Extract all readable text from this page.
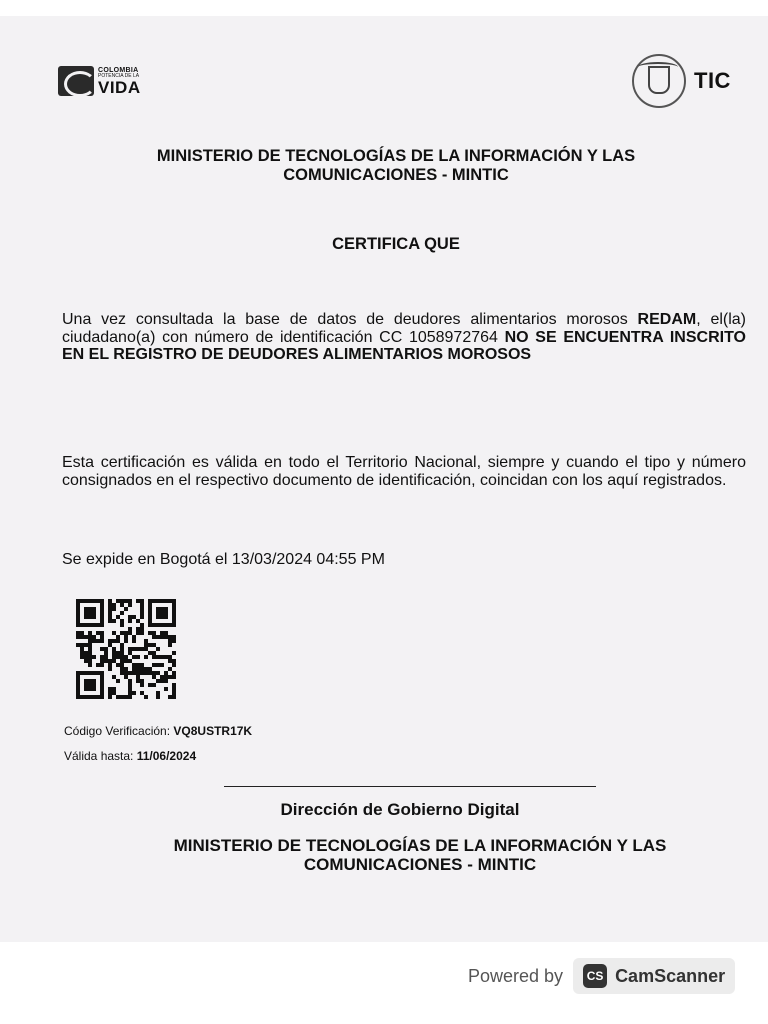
COLOMBIA
POTENCIA DE LA
VIDA	TIC
MINISTERIO DE TECNOLOGÍAS DE LA INFORMACIÓN Y LAS
COMUNICACIONES - MINTIC
CERTIFICA QUE
Una vez consultada la base de datos de deudores alimentarios morosos REDAM, el(la) ciudadano(a) con número de identificación CC 1058972764 NO SE ENCUENTRA INSCRITO EN EL REGISTRO DE DEUDORES ALIMENTARIOS MOROSOS
Esta certificación es válida en todo el Territorio Nacional, siempre y cuando el tipo y número consignados en el respectivo documento de identificación, coincidan con los aquí registrados.
Se expide en Bogotá el 13/03/2024 04:55 PM
Código Verificación: VQ8USTR17K
Válida hasta: 11/06/2024
Dirección de Gobierno Digital
MINISTERIO DE TECNOLOGÍAS DE LA INFORMACIÓN Y LAS
COMUNICACIONES - MINTIC
Powered by	CS CamScanner
